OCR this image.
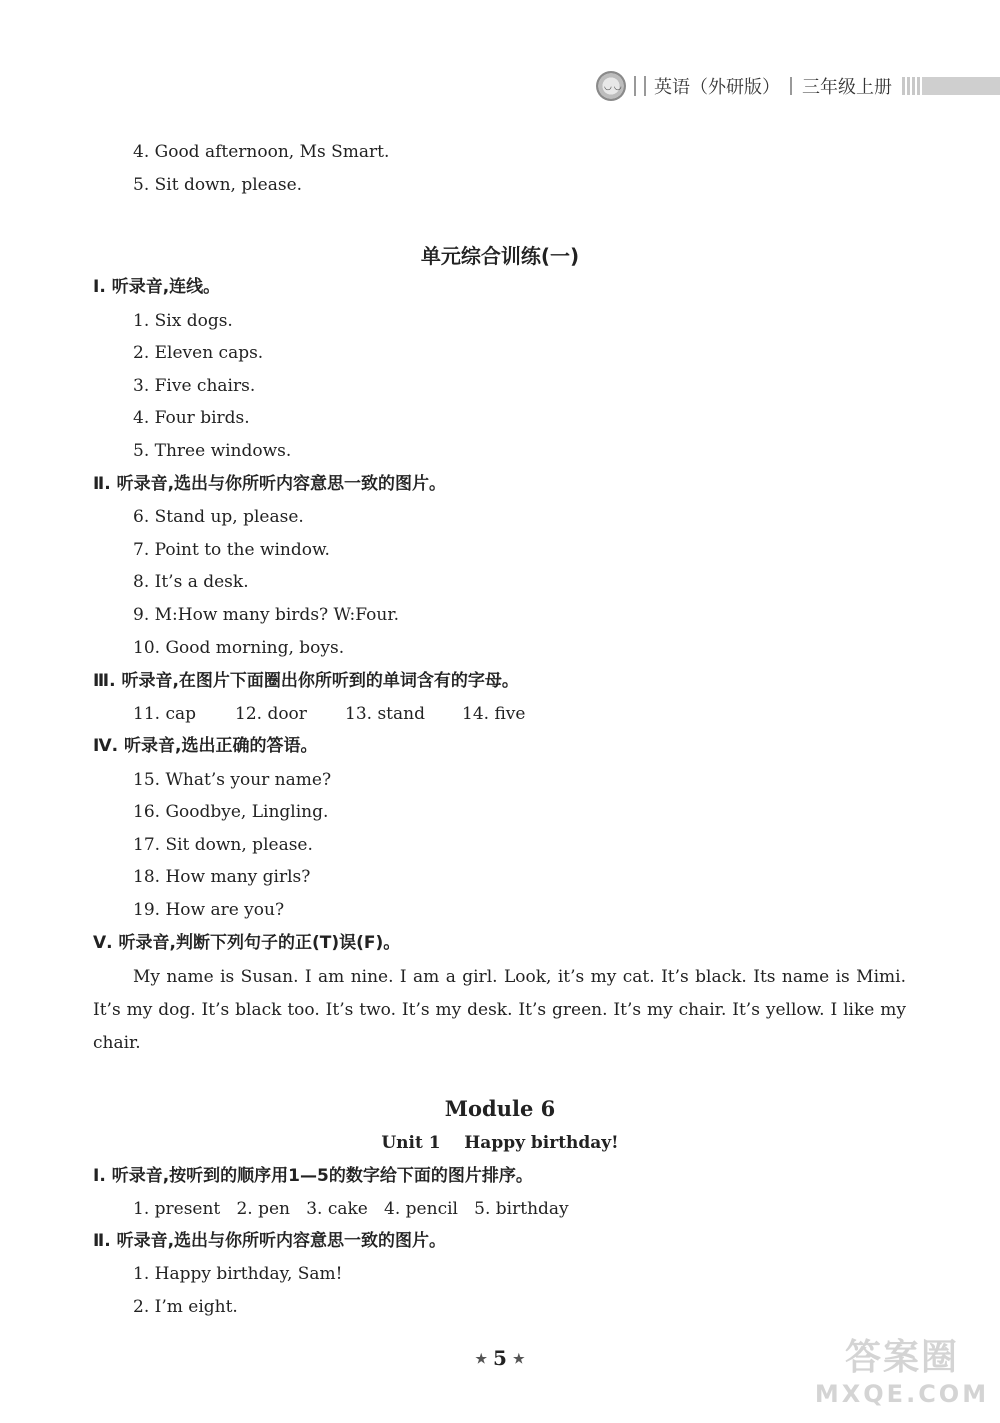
◡◡ 英语（外研版） 三年级上册
4. Good afternoon, Ms Smart.
5. Sit down, please.
单元综合训练(一)
Ⅰ. 听录音,连线。
1. Six dogs.
2. Eleven caps.
3. Five chairs.
4. Four birds.
5. Three windows.
Ⅱ. 听录音,选出与你所听内容意思一致的图片。
6. Stand up, please.
7. Point to the window.
8. It’s a desk.
9. M:How many birds? W:Four.
10. Good morning, boys.
Ⅲ. 听录音,在图片下面圈出你所听到的单词含有的字母。
11. cap 12. door 13. stand 14. five
Ⅳ. 听录音,选出正确的答语。
15. What’s your name?
16. Goodbye, Lingling.
17. Sit down, please.
18. How many girls?
19. How are you?
Ⅴ. 听录音,判断下列句子的正(T)误(F)。
My name is Susan. I am nine. I am a girl. Look, it’s my cat. It’s black. Its name is Mimi. It’s my dog. It’s black too. It’s two. It’s my desk. It’s green. It’s my chair. It’s yellow. I like my chair.
Module 6
Unit 1    Happy birthday!
Ⅰ. 听录音,按听到的顺序用1—5的数字给下面的图片排序。
1. present   2. pen   3. cake   4. pencil   5. birthday
Ⅱ. 听录音,选出与你所听内容意思一致的图片。
1. Happy birthday, Sam!
2. I’m eight.
★ 5 ★	答案圈
MXQE.COM
